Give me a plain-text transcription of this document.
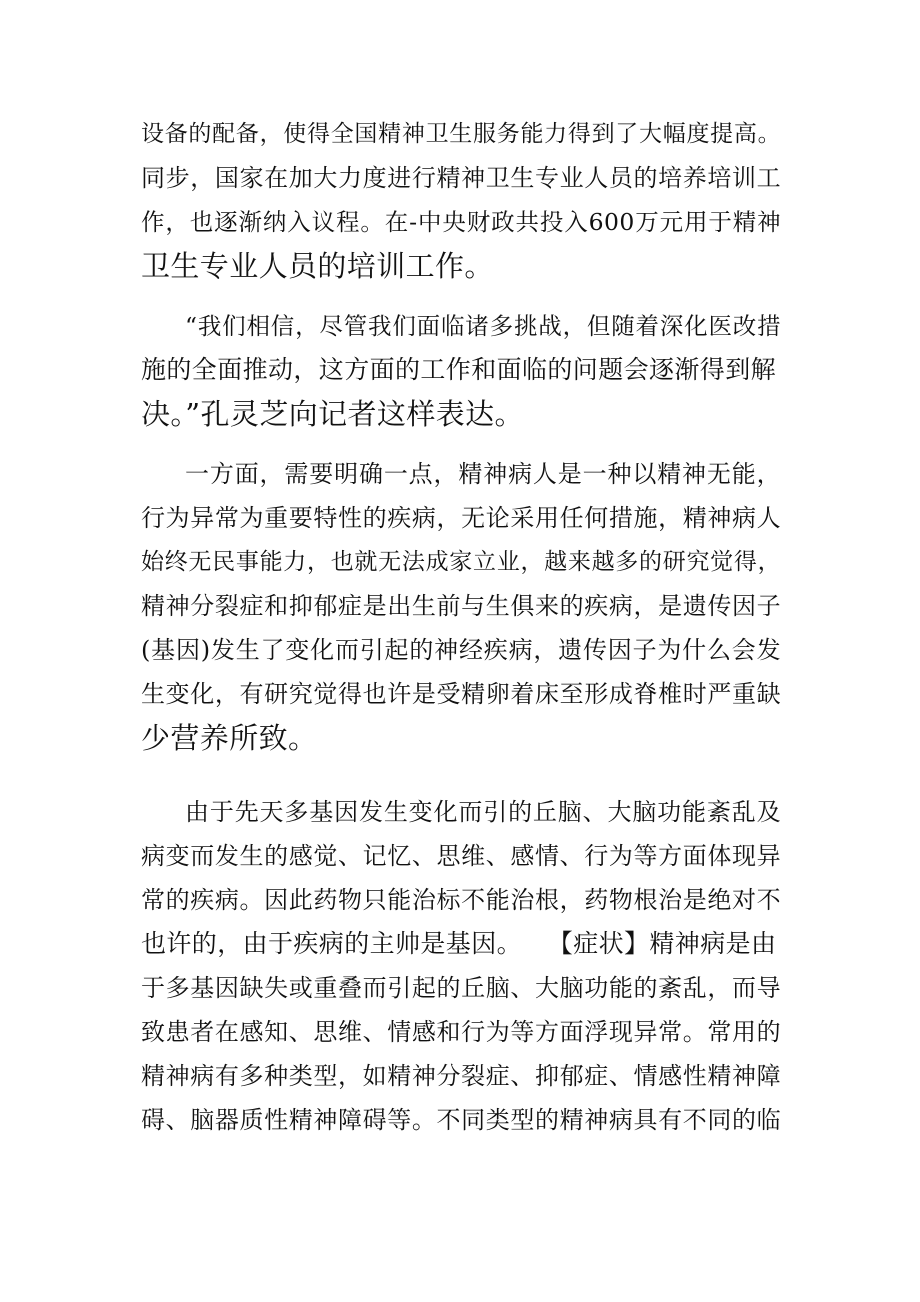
设备的配备，使得全国精神卫生服务能力得到了大幅度提高。
同步，国家在加大力度进行精神卫生专业人员的培养培训工
作，也逐渐纳入议程。在-中央财政共投入600万元用于精神
卫生专业人员的培训工作。
“我们相信，尽管我们面临诸多挑战，但随着深化医改措
施的全面推动，这方面的工作和面临的问题会逐渐得到解
决。”孔灵芝向记者这样表达。
一方面，需要明确一点，精神病人是一种以精神无能，
行为异常为重要特性的疾病，无论采用任何措施，精神病人
始终无民事能力，也就无法成家立业，越来越多的研究觉得，
精神分裂症和抑郁症是出生前与生俱来的疾病，是遗传因子
(基因)发生了变化而引起的神经疾病，遗传因子为什么会发
生变化，有研究觉得也许是受精卵着床至形成脊椎时严重缺
少营养所致。
由于先天多基因发生变化而引的丘脑、大脑功能紊乱及
病变而发生的感觉、记忆、思维、感情、行为等方面体现异
常的疾病。因此药物只能治标不能治根，药物根治是绝对不
也许的，由于疾病的主帅是基因。　　【症状】精神病是由
于多基因缺失或重叠而引起的丘脑、大脑功能的紊乱，而导
致患者在感知、思维、情感和行为等方面浮现异常。常用的
精神病有多种类型，如精神分裂症、抑郁症、情感性精神障
碍、脑器质性精神障碍等。不同类型的精神病具有不同的临
